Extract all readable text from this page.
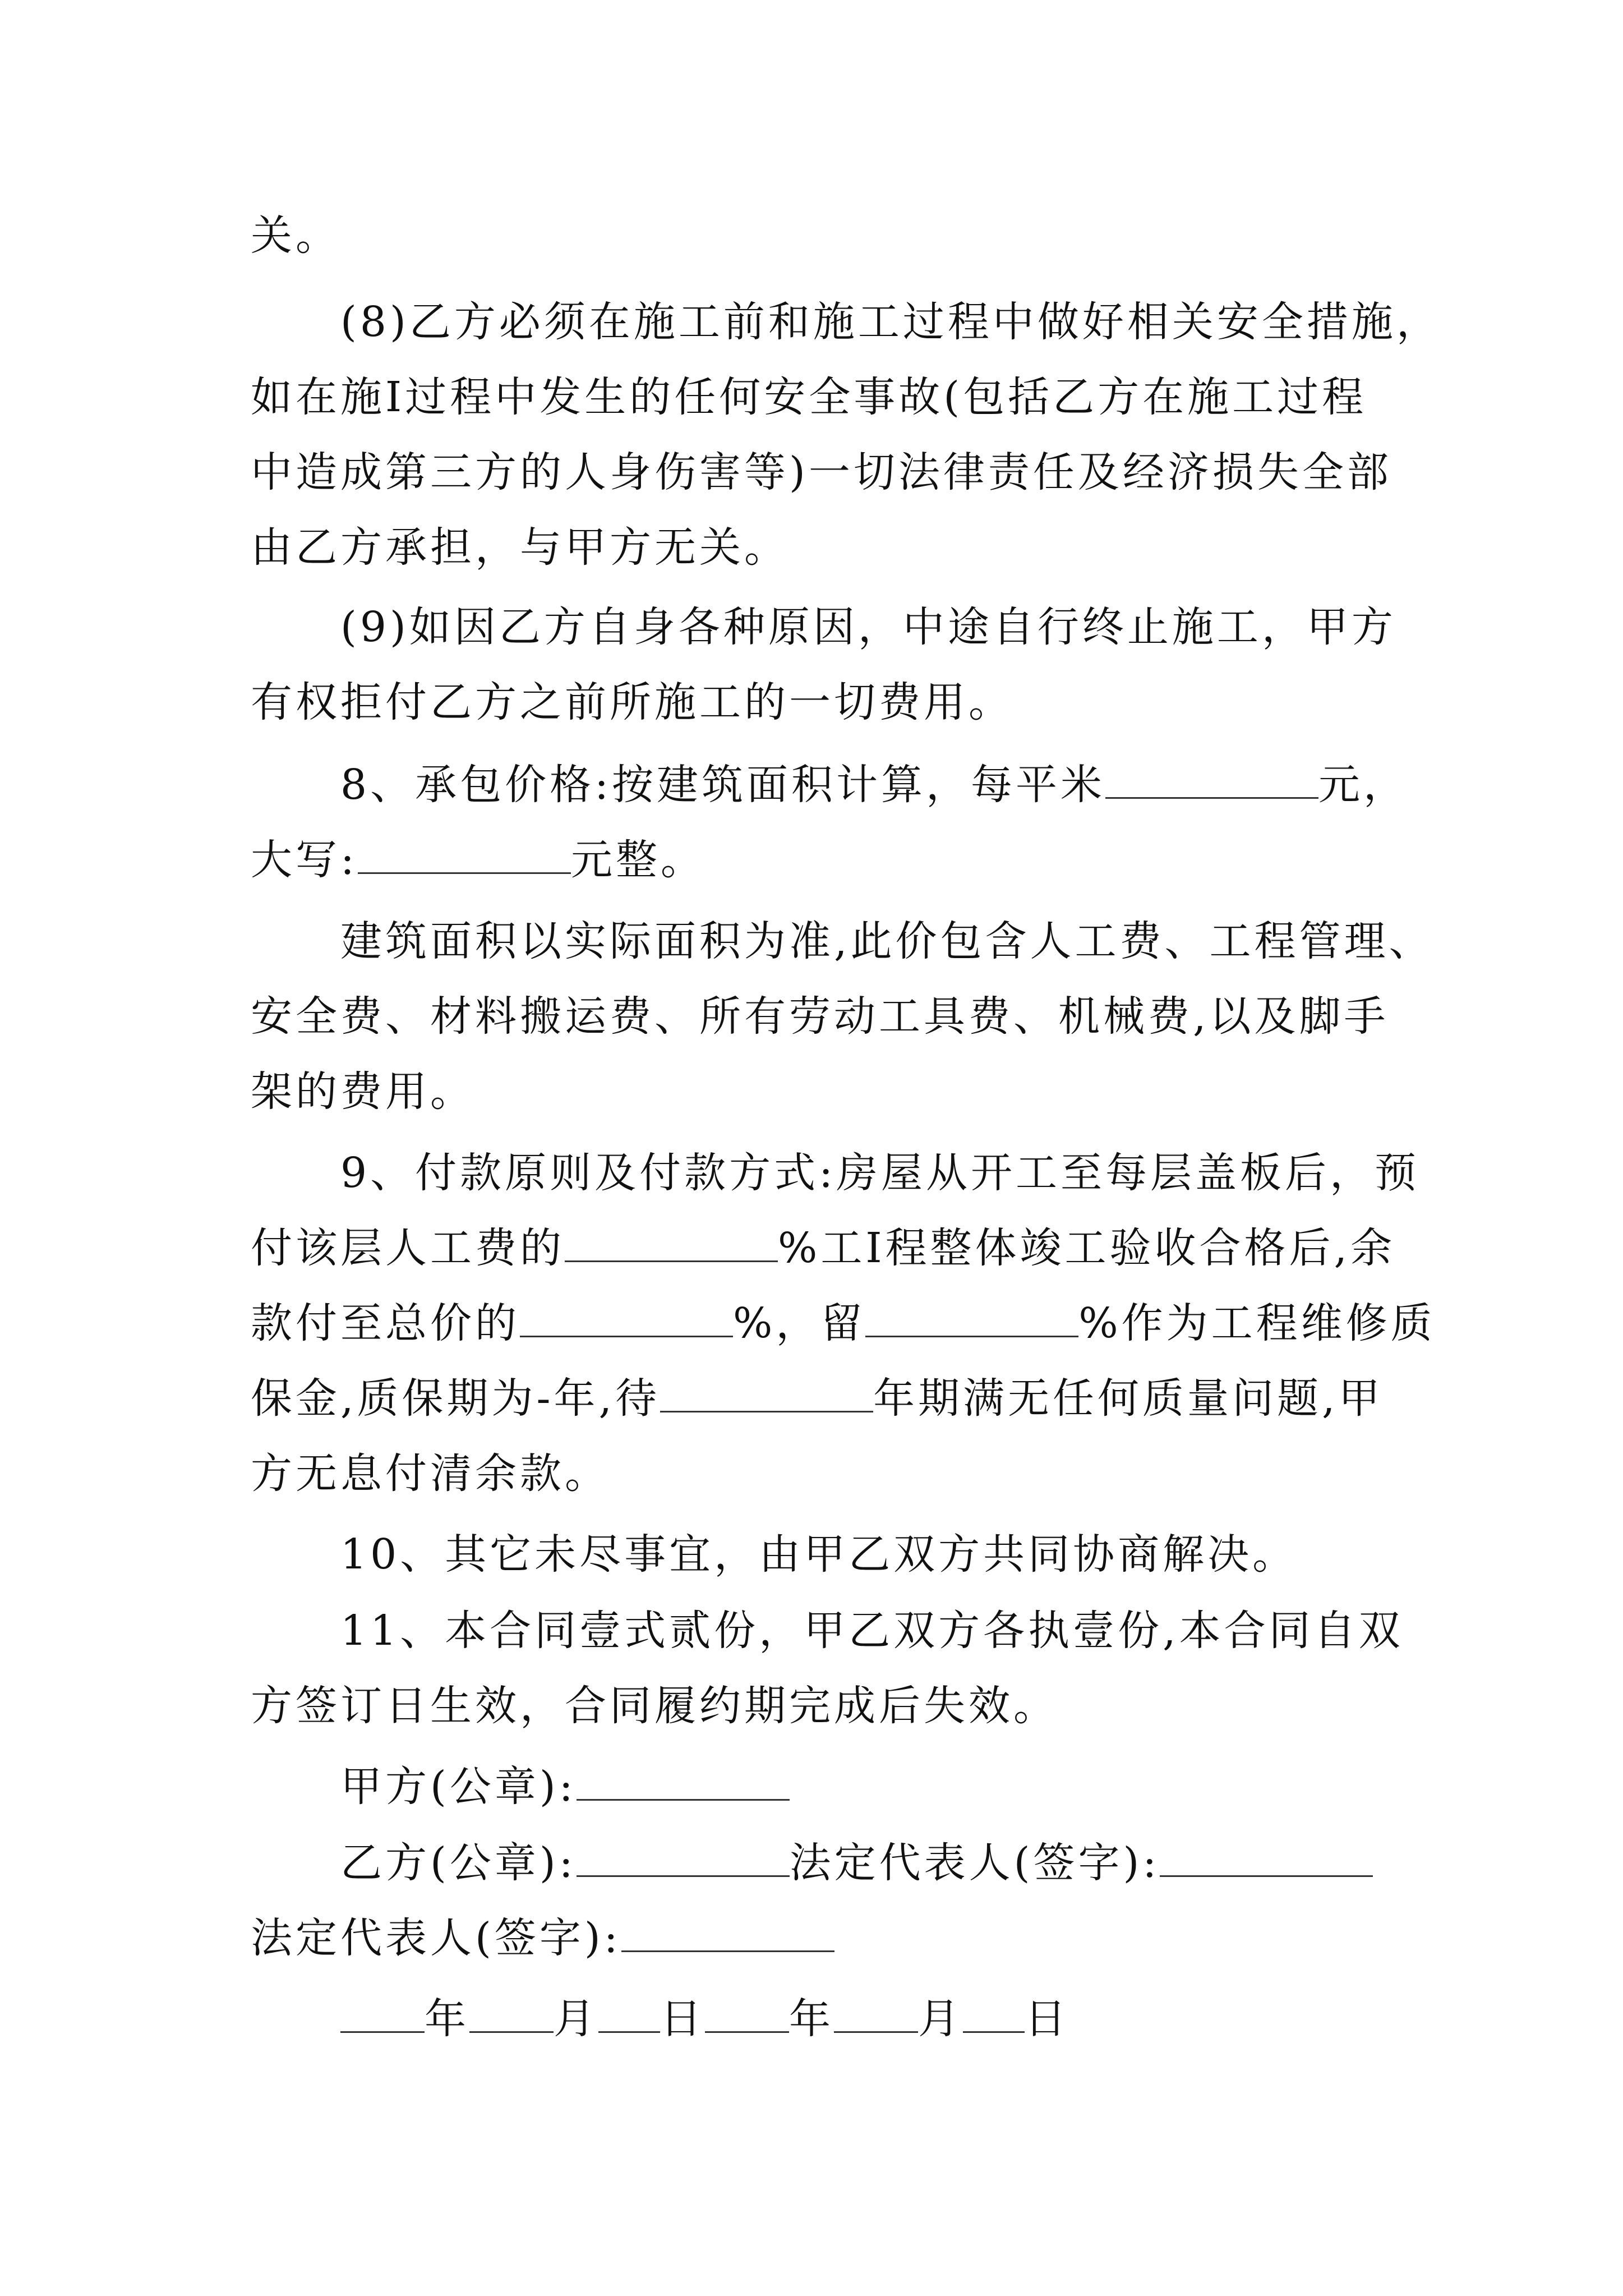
关。
(8)乙方必须在施工前和施工过程中做好相关安全措施，
如在施I过程中发生的任何安全事故(包括乙方在施工过程
中造成第三方的人身伤害等)一切法律责任及经济损失全部
由乙方承担，与甲方无关。
(9)如因乙方自身各种原因，中途自行终止施工，甲方
有权拒付乙方之前所施工的一切费用。
8、承包价格:按建筑面积计算，每平米	元，
大写:	元整。
建筑面积以实际面积为准,此价包含人工费、工程管理、
安全费、材料搬运费、所有劳动工具费、机械费,以及脚手
架的费用。
9、付款原则及付款方式:房屋从开工至每层盖板后，预
付该层人工费的	%工I程整体竣工验收合格后,余
款付至总价的	%，留	%作为工程维修质
保金,质保期为-年,待	年期满无任何质量问题,甲
方无息付清余款。
10、其它未尽事宜，由甲乙双方共同协商解决。
11、本合同壹式贰份，甲乙双方各执壹份,本合同自双
方签订日生效，合同履约期完成后失效。
甲方(公章):
乙方(公章):	法定代表人(签字):
法定代表人(签字):
年 月 日 年 月 日
